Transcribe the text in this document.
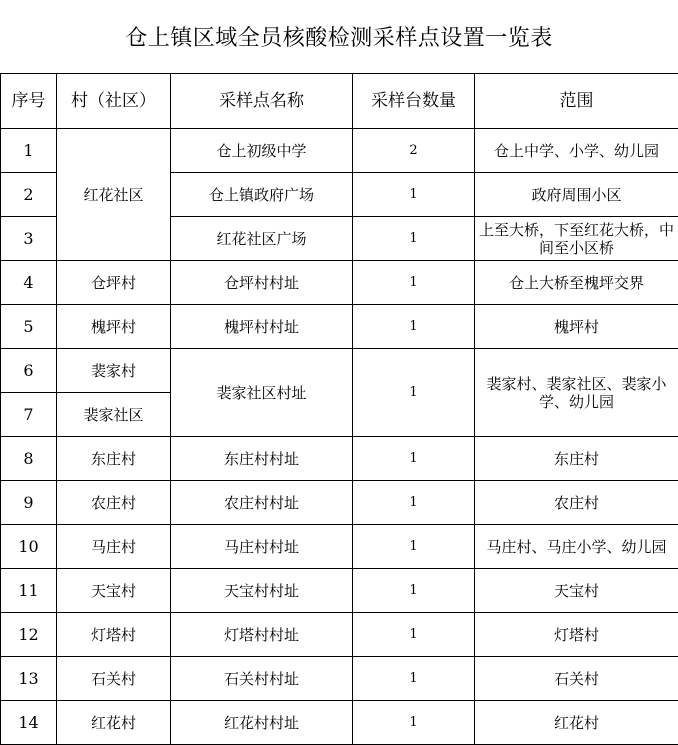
仓上镇区域全员核酸检测采样点设置一览表
序号	村（社区）	采样点名称	采样台数量	范围
1	红花社区	仓上初级中学	2	仓上中学、小学、幼儿园
2		仓上镇政府广场	1	政府周围小区
3		红花社区广场	1	上至大桥，下至红花大桥，中间至小区桥
4	仓坪村	仓坪村村址	1	仓上大桥至槐坪交界
5	槐坪村	槐坪村村址	1	槐坪村
6	裴家村	裴家社区村址	1	裴家村、裴家社区、裴家小学、幼儿园
7	裴家社区			
8	东庄村	东庄村村址	1	东庄村
9	农庄村	农庄村村址	1	农庄村
10	马庄村	马庄村村址	1	马庄村、马庄小学、幼儿园
11	天宝村	天宝村村址	1	天宝村
12	灯塔村	灯塔村村址	1	灯塔村
13	石关村	石关村村址	1	石关村
14	红花村	红花村村址	1	红花村
